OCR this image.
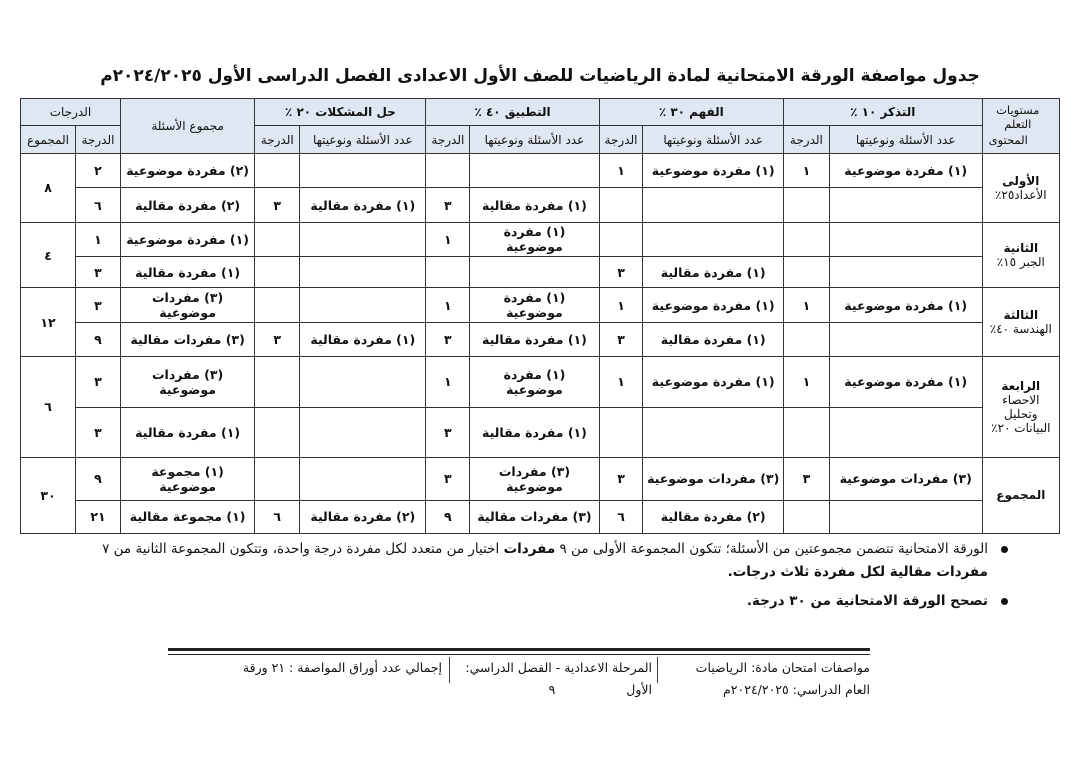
جدول مواصفة الورقة الامتحانية لمادة الرياضيات للصف الأول الاعدادى الفصل الدراسى الأول ٢٠٢٤/٢٠٢٥م
مستويات التعلم
المحتوى	التذكر ١٠ ٪		الفهم ٣٠ ٪		التطبيق ٤٠ ٪		حل المشكلات ٢٠ ٪		مجموع الأسئلة	الدرجات	
	عدد الأسئلة ونوعيتها	الدرجة	عدد الأسئلة ونوعيتها	الدرجة	عدد الأسئلة ونوعيتها	الدرجة	عدد الأسئلة ونوعيتها	الدرجة		الدرجة	المجموع

الأولى
الأعداد٢٥٪	(١) مفردة موضوعية	١	(١) مفردة موضوعية	١					(٢) مفردة موضوعية	٢	٨
					(١) مفردة مقالية	٣	(١) مفردة مقالية	٣	(٢) مفردة مقالية	٦	

الثانية
الجبر ١٥٪					(١) مفردة موضوعية	١			(١) مفردة موضوعية	١	٤
			(١) مفردة مقالية	٣					(١) مفردة مقالية	٣	

الثالثة
الهندسة ٤٠٪	(١) مفردة موضوعية	١	(١) مفردة موضوعية	١	(١) مفردة موضوعية	١			(٣) مفردات موضوعية	٣	١٢
			(١) مفردة مقالية	٣	(١) مفردة مقالية	٣	(١) مفردة مقالية	٣	(٣) مفردات مقالية	٩	

الرابعة
الاحصاء وتحليل البيانات ٢٠٪	(١) مفردة موضوعية	١	(١) مفردة موضوعية	١	(١) مفردة موضوعية	١			(٣) مفردات موضوعية	٣	٦
					(١) مفردة مقالية	٣			(١) مفردة مقالية	٣	

المجموع	(٣) مفردات موضوعية	٣	(٣) مفردات موضوعية	٣	(٣) مفردات موضوعية	٣			(١) مجموعة موضوعية	٩	٣٠
			(٢) مفردة مقالية	٦	(٣) مفردات مقالية	٩	(٢) مفردة مقالية	٦	(١) مجموعة مقالية	٢١	
الورقة الامتحانية تتضمن مجموعتين من الأسئلة؛ تتكون المجموعة الأولى من ٩ مفردات اختيار من متعدد لكل مفردة درجة واحدة، وتتكون المجموعة الثانية من ٧ مفردات مقالية لكل مفردة ثلاث درجات.
تصحح الورقة الامتحانية من ٣٠ درجة.
مواصفات امتحان مادة: الرياضيات
العام الدراسي: ٢٠٢٤/٢٠٢٥م
المرحلة الاعدادية - الفصل الدراسي: الأول
٩
إجمالي عدد أوراق المواصفة : ٢١ ورقة
